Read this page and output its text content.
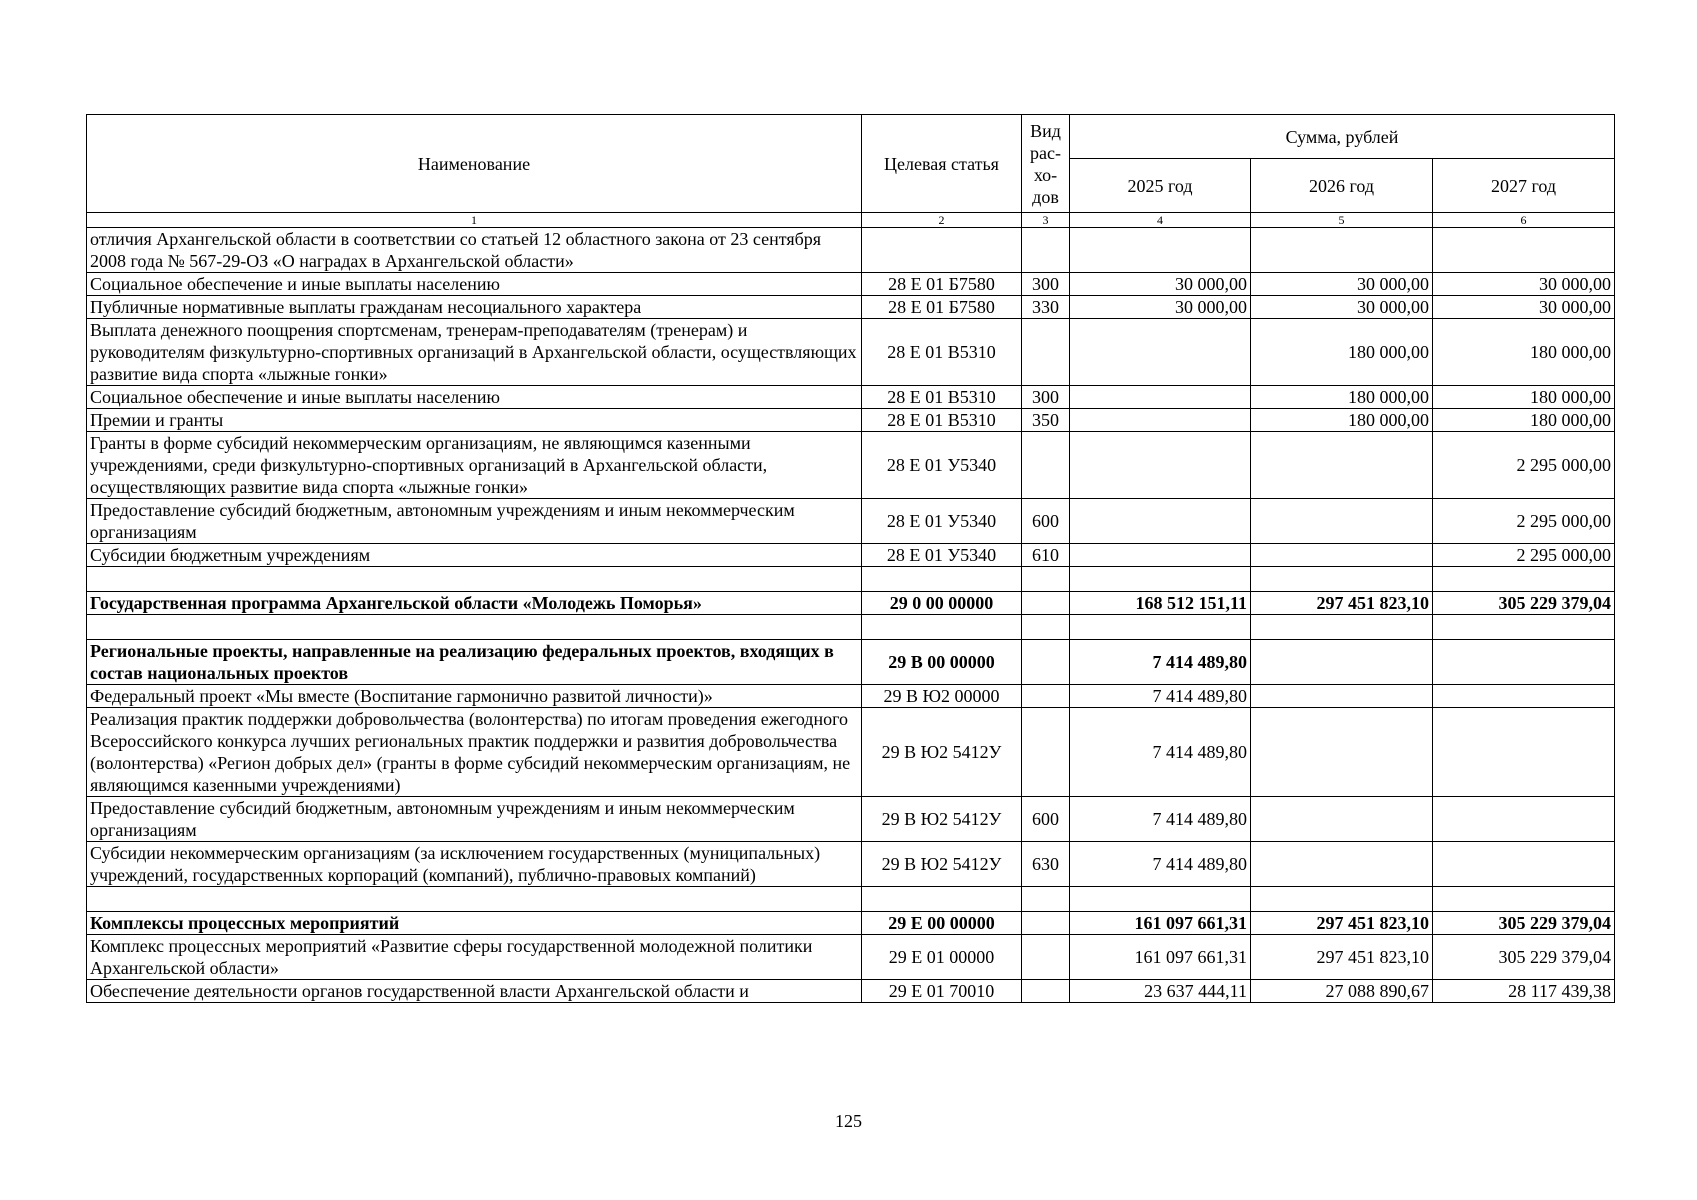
Наименование	Целевая статья	Вид рас-хо-дов	Сумма, рублей		
			2025 год	2026 год	2027 год
1	2	3	4	5	6
отличия Архангельской области в соответствии со статьей 12 областного закона от 23 сентября 2008 года № 567-29-ОЗ «О наградах в Архангельской области»					
Социальное обеспечение и иные выплаты населению	28 Е 01 Б7580	300	30 000,00	30 000,00	30 000,00
Публичные нормативные выплаты гражданам несоциального характера	28 Е 01 Б7580	330	30 000,00	30 000,00	30 000,00
Выплата денежного поощрения спортсменам, тренерам-преподавателям (тренерам) и руководителям физкультурно-спортивных организаций в Архангельской области, осуществляющих развитие вида спорта «лыжные гонки»	28 Е 01 В5310			180 000,00	180 000,00
Социальное обеспечение и иные выплаты населению	28 Е 01 В5310	300		180 000,00	180 000,00
Премии и гранты	28 Е 01 В5310	350		180 000,00	180 000,00
Гранты в форме субсидий некоммерческим организациям, не являющимся казенными учреждениями, среди физкультурно-спортивных организаций в Архангельской области, осуществляющих развитие вида спорта «лыжные гонки»	28 Е 01 У5340				2 295 000,00
Предоставление субсидий бюджетным, автономным учреждениям и иным некоммерческим организациям	28 Е 01 У5340	600			2 295 000,00
Субсидии бюджетным учреждениям	28 Е 01 У5340	610			2 295 000,00

Государственная программа Архангельской области «Молодежь Поморья»	29 0 00 00000		168 512 151,11	297 451 823,10	305 229 379,04

Региональные проекты, направленные на реализацию федеральных проектов, входящих в состав национальных проектов	29 В 00 00000		7 414 489,80		
Федеральный проект «Мы вместе (Воспитание гармонично развитой личности)»	29 В Ю2 00000		7 414 489,80		
Реализация практик поддержки добровольчества (волонтерства) по итогам проведения ежегодного Всероссийского конкурса лучших региональных практик поддержки и развития добровольчества (волонтерства) «Регион добрых дел» (гранты в форме субсидий некоммерческим организациям, не являющимся казенными учреждениями)	29 В Ю2 5412У		7 414 489,80		
Предоставление субсидий бюджетным, автономным учреждениям и иным некоммерческим организациям	29 В Ю2 5412У	600	7 414 489,80		
Субсидии некоммерческим организациям (за исключением государственных (муниципальных) учреждений, государственных корпораций (компаний), публично-правовых компаний)	29 В Ю2 5412У	630	7 414 489,80		

Комплексы процессных мероприятий	29 Е 00 00000		161 097 661,31	297 451 823,10	305 229 379,04
Комплекс процессных мероприятий «Развитие сферы государственной молодежной политики Архангельской области»	29 Е 01 00000		161 097 661,31	297 451 823,10	305 229 379,04
Обеспечение деятельности органов государственной власти Архангельской области и	29 Е 01 70010		23 637 444,11	27 088 890,67	28 117 439,38
125
